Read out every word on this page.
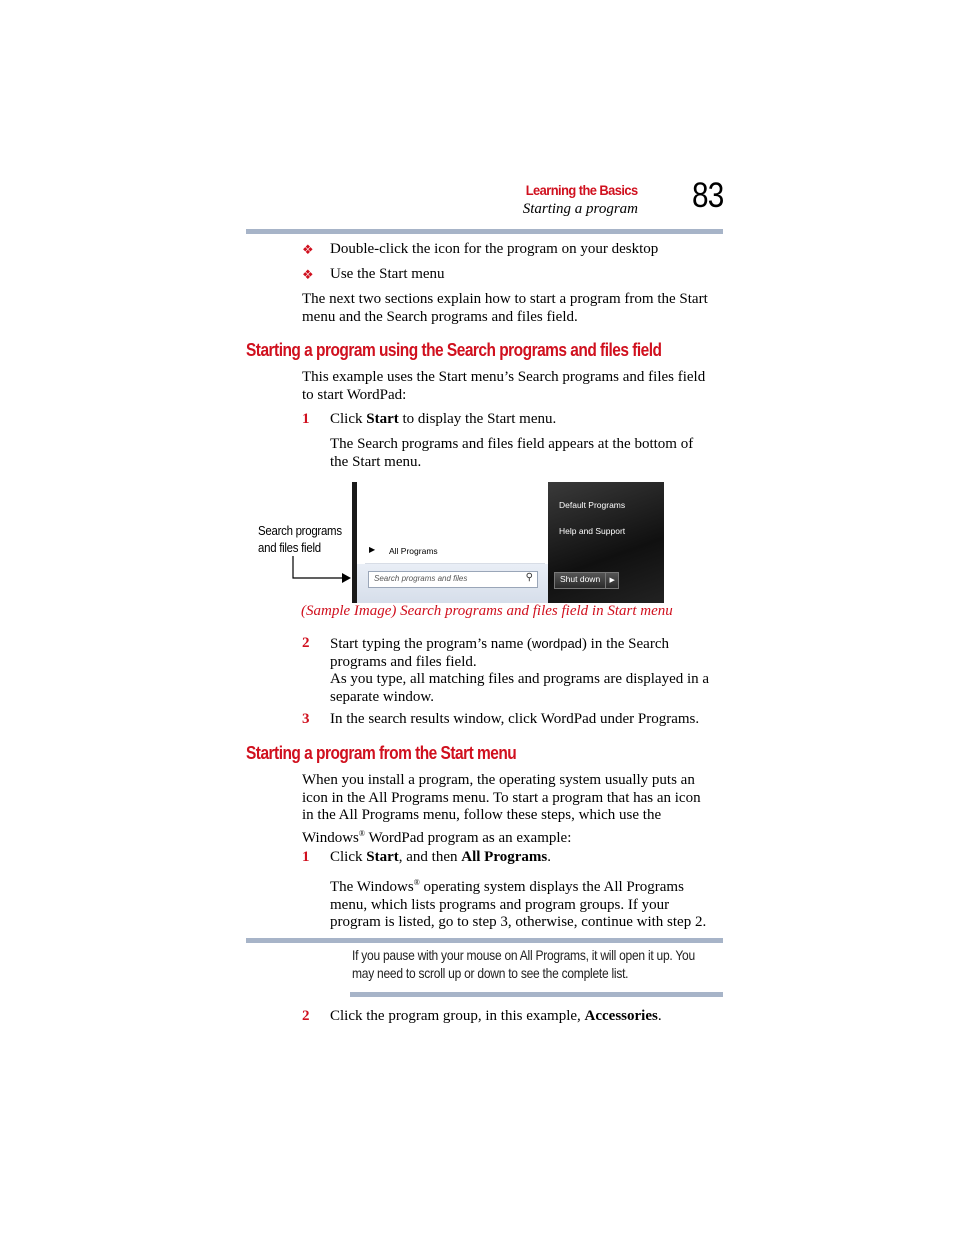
Learning the Basics
Starting a program 83
❖ Double-click the icon for the program on your desktop
❖ Use the Start menu
The next two sections explain how to start a program from the Start
menu and the Search programs and files field.
Starting a program using the Search programs and files field
This example uses the Start menu’s Search programs and files field
to start WordPad:
1 Click Start to display the Start menu.
The Search programs and files field appears at the bottom of
the Start menu.
Search programs
and files field	▶ All Programs
Search programs and files	⚲
Default Programs
Help and Support
Shut down	▶
(Sample Image) Search programs and files field in Start menu
2 Start typing the program’s name (wordpad) in the Search
programs and files field.
As you type, all matching files and programs are displayed in a
separate window.
3 In the search results window, click WordPad under Programs.
Starting a program from the Start menu
When you install a program, the operating system usually puts an
icon in the All Programs menu. To start a program that has an icon
in the All Programs menu, follow these steps, which use the
Windows® WordPad program as an example:
1 Click Start, and then All Programs.
The Windows® operating system displays the All Programs
menu, which lists programs and program groups. If your
program is listed, go to step 3, otherwise, continue with step 2.
If you pause with your mouse on All Programs, it will open it up. You
may need to scroll up or down to see the complete list.
2 Click the program group, in this example, Accessories.
